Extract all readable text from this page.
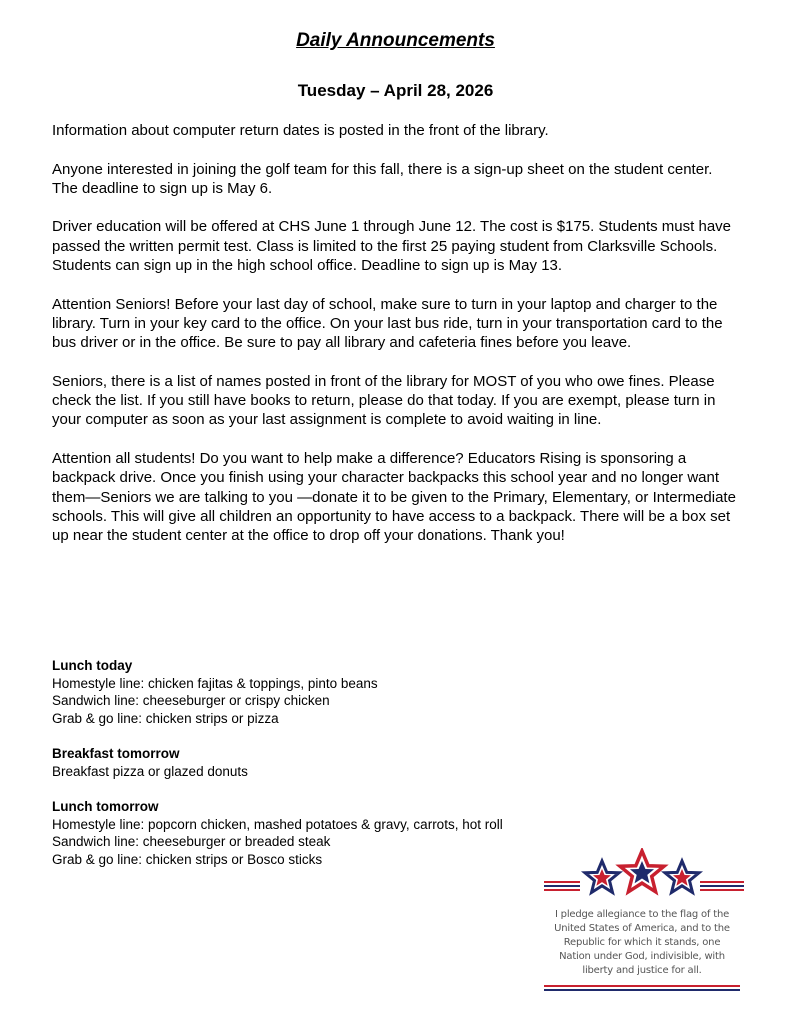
Daily Announcements
Tuesday – April 28, 2026

Information about computer return dates is posted in the front of the library.

Anyone interested in joining the golf team for this fall, there is a sign-up sheet on the student center. The deadline to sign up is May 6.

Driver education will be offered at CHS June 1 through June 12. The cost is $175. Students must have passed the written permit test. Class is limited to the first 25 paying student from Clarksville Schools. Students can sign up in the high school office. Deadline to sign up is May 13.

Attention Seniors! Before your last day of school, make sure to turn in your laptop and charger to the library. Turn in your key card to the office. On your last bus ride, turn in your transportation card to the bus driver or in the office. Be sure to pay all library and cafeteria fines before you leave.

Seniors, there is a list of names posted in front of the library for MOST of you who owe fines. Please check the list. If you still have books to return, please do that today. If you are exempt, please turn in your computer as soon as your last assignment is complete to avoid waiting in line.

Attention all students! Do you want to help make a difference? Educators Rising is sponsoring a backpack drive. Once you finish using your character backpacks this school year and no longer want them—Seniors we are talking to you —donate it to be given to the Primary, Elementary, or Intermediate schools. This will give all children an opportunity to have access to a backpack. There will be a box set up near the student center at the office to drop off your donations. Thank you!

Lunch today
Homestyle line: chicken fajitas & toppings, pinto beans
Sandwich line: cheeseburger or crispy chicken
Grab & go line: chicken strips or pizza
Breakfast tomorrow
Breakfast pizza or glazed donuts
Lunch tomorrow
Homestyle line: popcorn chicken, mashed potatoes & gravy, carrots, hot roll
Sandwich line: cheeseburger or breaded steak
Grab & go line: chicken strips or Bosco sticks
I pledge allegiance to the flag of the
United States of America, and to the
Republic for which it stands, one
Nation under God, indivisible, with
liberty and justice for all.
